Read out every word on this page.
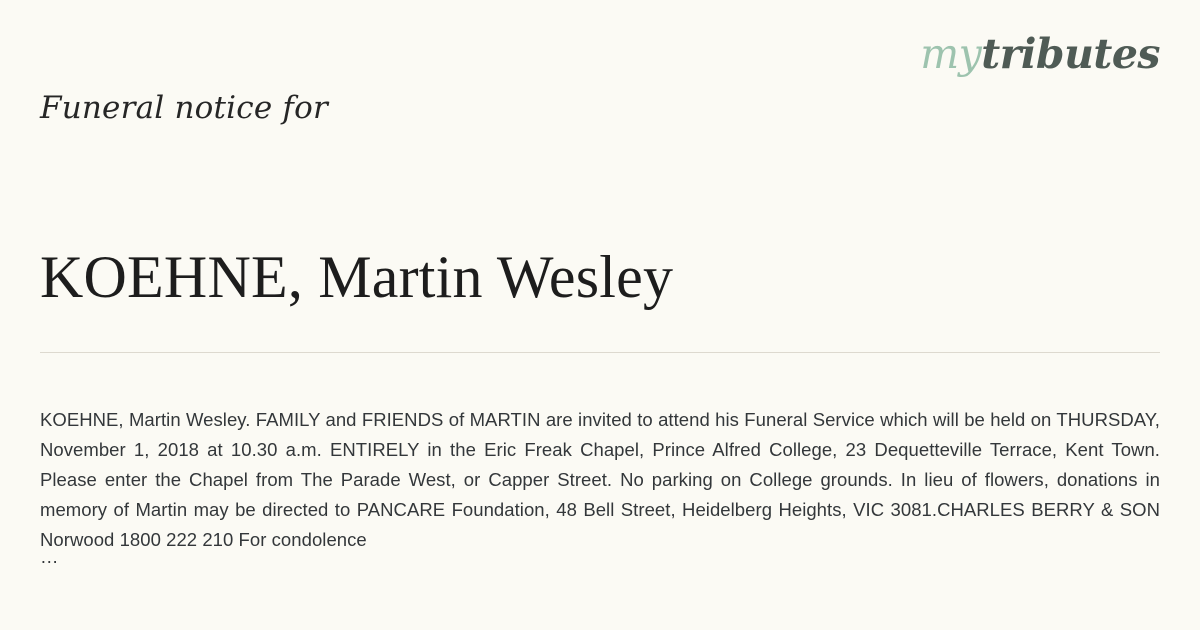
mytributes
Funeral notice for
KOEHNE, Martin Wesley

KOEHNE, Martin Wesley. FAMILY and FRIENDS of MARTIN are invited to attend his Funeral Service which will be held on THURSDAY, November 1, 2018 at 10.30 a.m. ENTIRELY in the Eric Freak Chapel, Prince Alfred College, 23 Dequetteville Terrace, Kent Town. Please enter the Chapel from The Parade West, or Capper Street. No parking on College grounds. In lieu of flowers, donations in memory of Martin may be directed to PANCARE Foundation, 48 Bell Street, Heidelberg Heights, VIC 3081.CHARLES BERRY & SON Norwood 1800 222 210 For condolence

…
